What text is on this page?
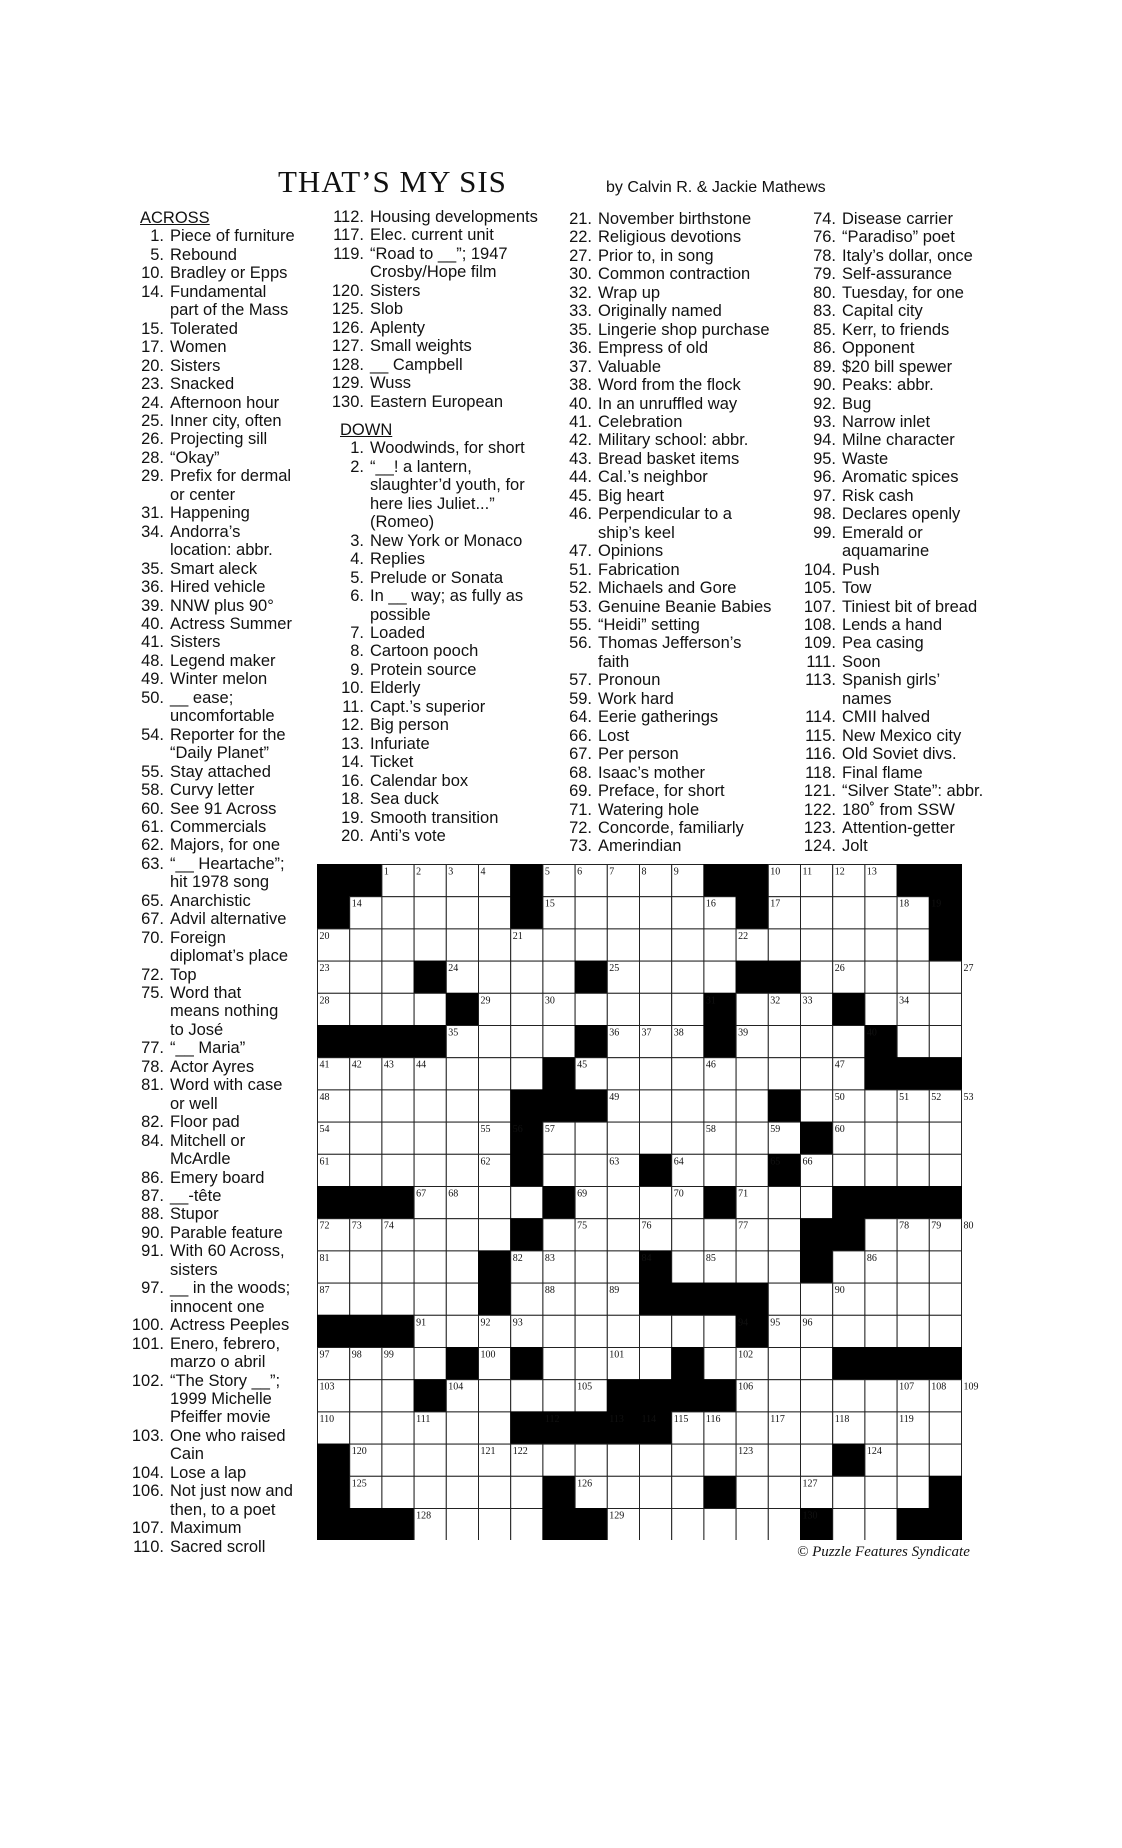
THAT’S MY SIS	by Calvin R. & Jackie Mathews
ACROSS
1. Piece of furniture
5. Rebound
10. Bradley or Epps
14. Fundamental
part of the Mass
15. Tolerated
17. Women
20. Sisters
23. Snacked
24. Afternoon hour
25. Inner city, often
26. Projecting sill
28. “Okay”
29. Prefix for dermal
or center
31. Happening
34. Andorra’s
location: abbr.
35. Smart aleck
36. Hired vehicle
39. NNW plus 90°
40. Actress Summer
41. Sisters
48. Legend maker
49. Winter melon
50. __ ease;
uncomfortable
54. Reporter for the
“Daily Planet”
55. Stay attached
58. Curvy letter
60. See 91 Across
61. Commercials
62. Majors, for one
63. “__ Heartache”;
hit 1978 song
65. Anarchistic
67. Advil alternative
70. Foreign
diplomat’s place
72. Top
75. Word that
means nothing
to José
77. “__ Maria”
78. Actor Ayres
81. Word with case
or well
82. Floor pad
84. Mitchell or
McArdle
86. Emery board
87. __-tête
88. Stupor
90. Parable feature
91. With 60 Across,
sisters
97. __ in the woods;
innocent one
100. Actress Peeples
101. Enero, febrero,
marzo o abril
102. “The Story __”;
1999 Michelle
Pfeiffer movie
103. One who raised
Cain
104. Lose a lap
106. Not just now and
then, to a poet
107. Maximum
110. Sacred scroll
112. Housing developments
117. Elec. current unit
119. “Road to __”; 1947
Crosby/Hope film
120. Sisters
125. Slob
126. Aplenty
127. Small weights
128. __ Campbell
129. Wuss
130. Eastern European
DOWN
1. Woodwinds, for short
2. “__! a lantern,
slaughter’d youth, for
here lies Juliet...”
(Romeo)
3. New York or Monaco
4. Replies
5. Prelude or Sonata
6. In __ way; as fully as
possible
7. Loaded
8. Cartoon pooch
9. Protein source
10. Elderly
11. Capt.’s superior
12. Big person
13. Infuriate
14. Ticket
16. Calendar box
18. Sea duck
19. Smooth transition
20. Anti’s vote
21. November birthstone
22. Religious devotions
27. Prior to, in song
30. Common contraction
32. Wrap up
33. Originally named
35. Lingerie shop purchase
36. Empress of old
37. Valuable
38. Word from the flock
40. In an unruffled way
41. Celebration
42. Military school: abbr.
43. Bread basket items
44. Cal.’s neighbor
45. Big heart
46. Perpendicular to a
ship’s keel
47. Opinions
51. Fabrication
52. Michaels and Gore
53. Genuine Beanie Babies
55. “Heidi” setting
56. Thomas Jefferson’s
faith
57. Pronoun
59. Work hard
64. Eerie gatherings
66. Lost
67. Per person
68. Isaac’s mother
69. Preface, for short
71. Watering hole
72. Concorde, familiarly
73. Amerindian
74. Disease carrier
76. “Paradiso” poet
78. Italy’s dollar, once
79. Self-assurance
80. Tuesday, for one
83. Capital city
85. Kerr, to friends
86. Opponent
89. $20 bill spewer
90. Peaks: abbr.
92. Bug
93. Narrow inlet
94. Milne character
95. Waste
96. Aromatic spices
97. Risk cash
98. Declares openly
99. Emerald or
aquamarine
104. Push
105. Tow
107. Tiniest bit of bread
108. Lends a hand
109. Pea casing
111. Soon
113. Spanish girls’
names
114. CMII halved
115. New Mexico city
116. Old Soviet divs.
118. Final flame
121. “Silver State”: abbr.
122. 180˚ from SSW
123. Attention-getter
124. Jolt
1	2	3	4	5	6	7	8	9	10 11 12 13
14	15	16	17	18 19
20	21	22
23	24	25	26	27
28	29	30	31	32 33	34
35	36 37 38	39	40
41 42 43 44	45	46	47
48	49	50	51 52 53
54	55 56 57	58	59	60
61	62	63	64	65 66
67 68	69	70	71
72 73 74	75	76	77	78 79 80
81	82 83	84	85	86
87	88	89	90
91	92 93	94 95 96
97 98 99	100	101	102
103	104	105	106	107 108 109
110	111	112	113 114 115 116	117	118	119
120	121 122	123	124
125	126	127
128	129	130
© Puzzle Features Syndicate
